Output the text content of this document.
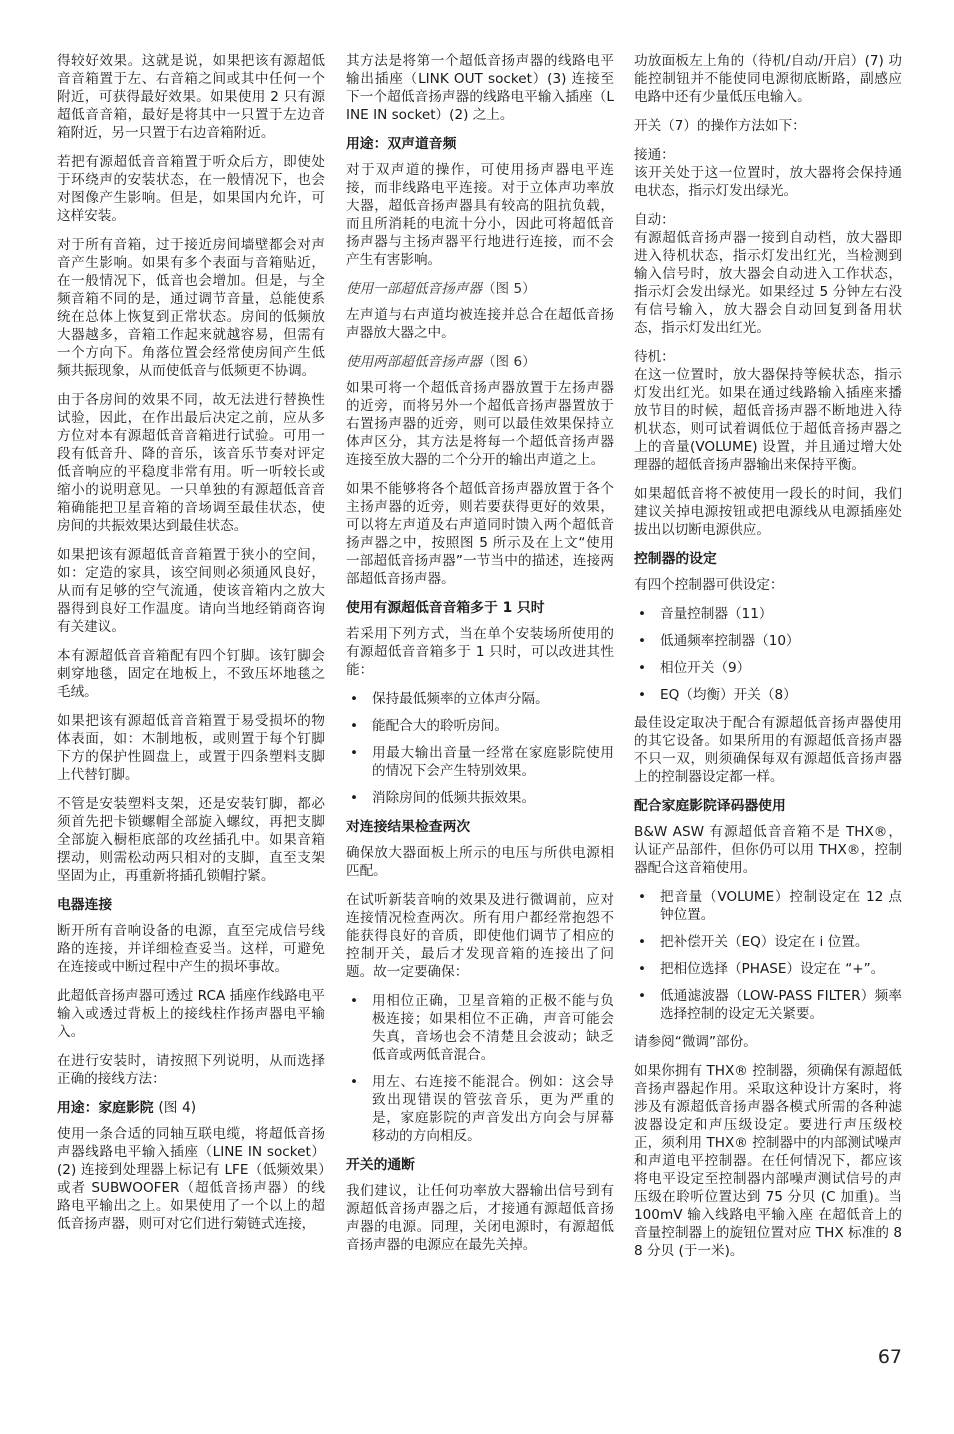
得较好效果。这就是说，如果把该有源超低音音箱置于左、右音箱之间或其中任何一个附近，可获得最好效果。如果使用 2 只有源超低音音箱，最好是将其中一只置于左边音箱附近，另一只置于右边音箱附近。

若把有源超低音音箱置于听众后方，即使处于环绕声的安装状态，在一般情况下，也会对图像产生影响。但是，如果国内允许，可这样安装。

对于所有音箱，过于接近房间墙壁都会对声音产生影响。如果有多个表面与音箱贴近，在一般情况下，低音也会增加。但是，与全频音箱不同的是，通过调节音量，总能使系统在总体上恢复到正常状态。房间的低频放大器越多，音箱工作起来就越容易，但需有一个方向下。角落位置会经常使房间产生低频共振现象，从而使低音与低频更不协调。

由于各房间的效果不同，故无法进行替换性试验，因此，在作出最后决定之前，应从多方位对本有源超低音音箱进行试验。可用一段有低音升、降的音乐，该音乐节奏对评定低音响应的平稳度非常有用。听一听较长或缩小的说明意见。一只单独的有源超低音音箱确能把卫星音箱的音场调至最佳状态，使房间的共振效果达到最佳状态。

如果把该有源超低音音箱置于狭小的空间，如：定造的家具，该空间则必须通风良好，从而有足够的空气流通，使该音箱内之放大器得到良好工作温度。请向当地经销商咨询有关建议。

本有源超低音音箱配有四个钉脚。该钉脚会刺穿地毯，固定在地板上，不致压坏地毯之毛绒。

如果把该有源超低音音箱置于易受损坏的物体表面，如：木制地板，或则置于每个钉脚下方的保护性圆盘上，或置于四条塑料支脚上代替钉脚。

不管是安装塑料支架，还是安装钉脚，都必须首先把卡锁螺帽全部旋入螺纹，再把支脚全部旋入橱柜底部的攻丝插孔中。如果音箱摆动，则需松动两只相对的支脚，直至支架坚固为止，再重新将插孔锁帽拧紧。

电器连接

断开所有音响设备的电源，直至完成信号线路的连接，并详细检查妥当。这样，可避免在连接或中断过程中产生的损坏事故。

此超低音扬声器可透过 RCA 插座作线路电平输入或透过背板上的接线柱作扬声器电平输入。

在进行安装时，请按照下列说明，从而选择正确的接线方法：

用途：家庭影院 (图 4)

使用一条合适的同轴互联电缆，将超低音扬声器线路电平输入插座（LINE IN socket）(2) 连接到处理器上标记有 LFE（低频效果）或者 SUBWOOFER（超低音扬声器）的线路电平输出之上。如果使用了一个以上的超低音扬声器，则可对它们进行菊链式连接，

其方法是将第一个超低音扬声器的线路电平输出插座（LINK OUT socket）(3) 连接至下一个超低音扬声器的线路电平输入插座（LINE IN socket）(2) 之上。

用途：双声道音频

对于双声道的操作，可使用扬声器电平连接，而非线路电平连接。对于立体声功率放大器，超低音扬声器具有较高的阻抗负载，而且所消耗的电流十分小，因此可将超低音扬声器与主扬声器平行地进行连接，而不会产生有害影响。

使用一部超低音扬声器（图 5）

左声道与右声道均被连接并总合在超低音扬声器放大器之中。

使用两部超低音扬声器（图 6）

如果可将一个超低音扬声器放置于左扬声器的近旁，而将另外一个超低音扬声器置放于右置扬声器的近旁，则可以最佳效果保持立体声区分，其方法是将每一个超低音扬声器连接至放大器的二个分开的输出声道之上。

如果不能够将各个超低音扬声器放置于各个主扬声器的近旁，则若要获得更好的效果，可以将左声道及右声道同时馈入两个超低音扬声器之中，按照图 5 所示及在上文“使用一部超低音扬声器”一节当中的描述，连接两部超低音扬声器。

使用有源超低音音箱多于 1 只时

若采用下列方式，当在单个安装场所使用的有源超低音音箱多于 1 只时，可以改进其性能：

• 保持最低频率的立体声分隔。
• 能配合大的聆听房间。
• 用最大输出音量一经常在家庭影院使用的情况下会产生特别效果。
• 消除房间的低频共振效果。
对连接结果检查两次

确保放大器面板上所示的电压与所供电源相匹配。

在试听新装音响的效果及进行微调前，应对连接情况检查两次。所有用户都经常抱怨不能获得良好的音质，即使他们调节了相应的控制开关，最后才发现音箱的连接出了问题。故一定要确保：

• 用相位正确，卫星音箱的正极不能与负极连接；如果相位不正确，声音可能会失真，音场也会不清楚且会波动；缺乏低音或两低音混合。
• 用左、右连接不能混合。例如：这会导致出现错误的管弦音乐，更为严重的是，家庭影院的声音发出方向会与屏幕移动的方向相反。
开关的通断

我们建议，让任何功率放大器输出信号到有源超低音扬声器之后，才接通有源超低音扬声器的电源。同理，关闭电源时，有源超低音扬声器的电源应在最先关掉。

功放面板左上角的（待机/自动/开启）(7) 功能控制钮并不能使同电源彻底断路，副感应电路中还有少量低压电输入。

开关（7）的操作方法如下：

接通：

该开关处于这一位置时，放大器将会保持通电状态，指示灯发出绿光。

自动：

有源超低音扬声器一接到自动档，放大器即进入待机状态，指示灯发出红光，当检测到输入信号时，放大器会自动进入工作状态，指示灯会发出绿光。如果经过 5 分钟左右没有信号输入，放大器会自动回复到备用状态，指示灯发出红光。

待机：

在这一位置时，放大器保持等候状态，指示灯发出红光。如果在通过线路输入插座来播放节目的时候，超低音扬声器不断地进入待机状态，则可试着调低位于超低音扬声器之上的音量(VOLUME) 设置，并且通过增大处理器的超低音扬声器输出来保持平衡。

如果超低音将不被使用一段长的时间，我们建议关掉电源按钮或把电源线从电源插座处拔出以切断电源供应。

控制器的设定

有四个控制器可供设定：

• 音量控制器（11）
• 低通频率控制器（10）
• 相位开关（9）
• EQ（均衡）开关（8）

最佳设定取决于配合有源超低音扬声器使用的其它设备。如果所用的有源超低音扬声器不只一双，则须确保每双有源超低音扬声器上的控制器设定都一样。

配合家庭影院译码器使用

B&W ASW 有源超低音音箱不是 THX®，认证产品部件，但你仍可以用 THX®，控制器配合这音箱使用。

• 把音量（VOLUME）控制设定在 12 点钟位置。
• 把补偿开关（EQ）设定在 i 位置。
• 把相位选择（PHASE）设定在 “+”。
• 低通滤波器（LOW-PASS FILTER）频率选择控制的设定无关紧要。

请参阅“微调”部份。

如果你拥有 THX® 控制器，须确保有源超低音扬声器起作用。采取这种设计方案时，将涉及有源超低音扬声器各模式所需的各种滤波器设定和声压级设定。要进行声压级校正，须利用 THX® 控制器中的内部测试噪声和声道电平控制器。在任何情况下，都应该将电平设定至控制器内部噪声测试信号的声压级在聆听位置达到 75 分贝 (C 加重)。当 100mV 输入线路电平输入座 在超低音上的音量控制器上的旋钮位置对应 THX 标准的 88 分贝 (于一米)。

67
